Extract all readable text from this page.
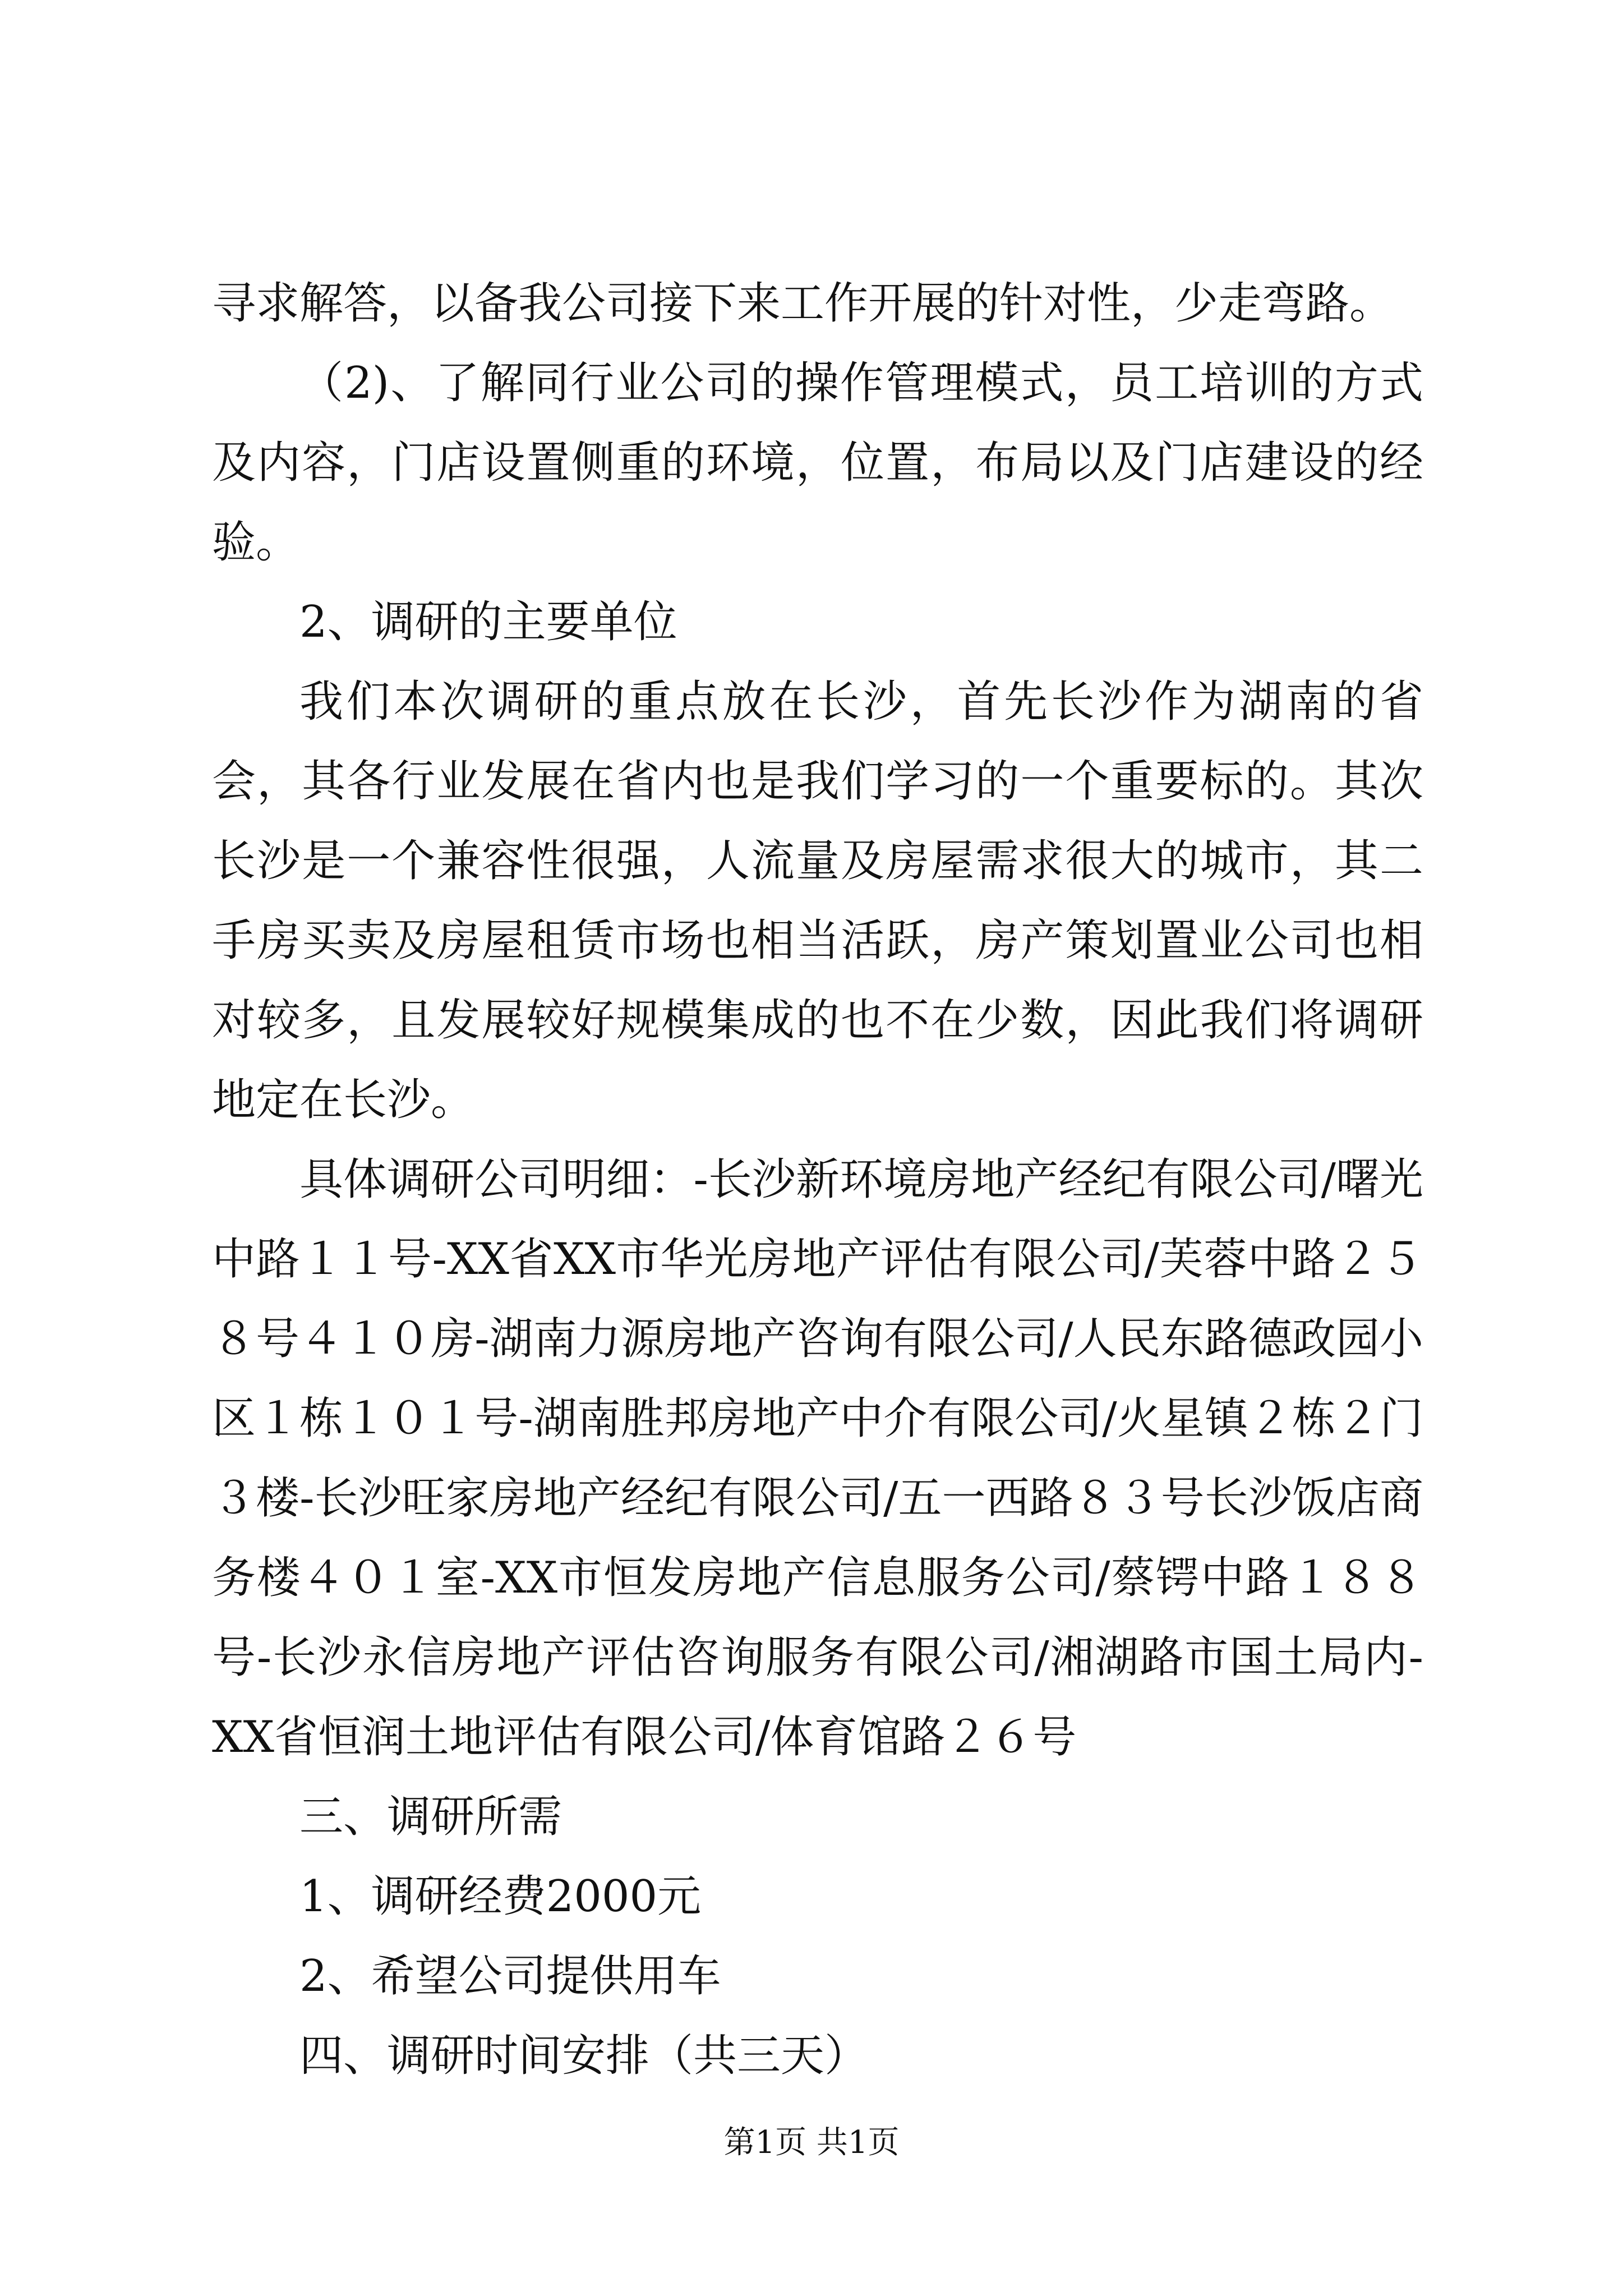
寻求解答，以备我公司接下来工作开展的针对性，少走弯路。

（2)、了解同行业公司的操作管理模式，员工培训的方式及内容，门店设置侧重的环境，位置，布局以及门店建设的经验。

2、调研的主要单位

我们本次调研的重点放在长沙，首先长沙作为湖南的省会，其各行业发展在省内也是我们学习的一个重要标的。其次长沙是一个兼容性很强，人流量及房屋需求很大的城市，其二手房买卖及房屋租赁市场也相当活跃，房产策划置业公司也相对较多，且发展较好规模集成的也不在少数，因此我们将调研地定在长沙。

具体调研公司明细：-长沙新环境房地产经纪有限公司/曙光中路１１号-XX省XX市华光房地产评估有限公司/芙蓉中路２５８号４１０房-湖南力源房地产咨询有限公司/人民东路德政园小区１栋１０１号-湖南胜邦房地产中介有限公司/火星镇２栋２门３楼-长沙旺家房地产经纪有限公司/五一西路８３号长沙饭店商务楼４０１室-XX市恒发房地产信息服务公司/蔡锷中路１８８号-长沙永信房地产评估咨询服务有限公司/湘湖路市国土局内-XX省恒润土地评估有限公司/体育馆路２６号

三、调研所需

1、调研经费2000元

2、希望公司提供用车

四、调研时间安排（共三天）

第1页 共1页
